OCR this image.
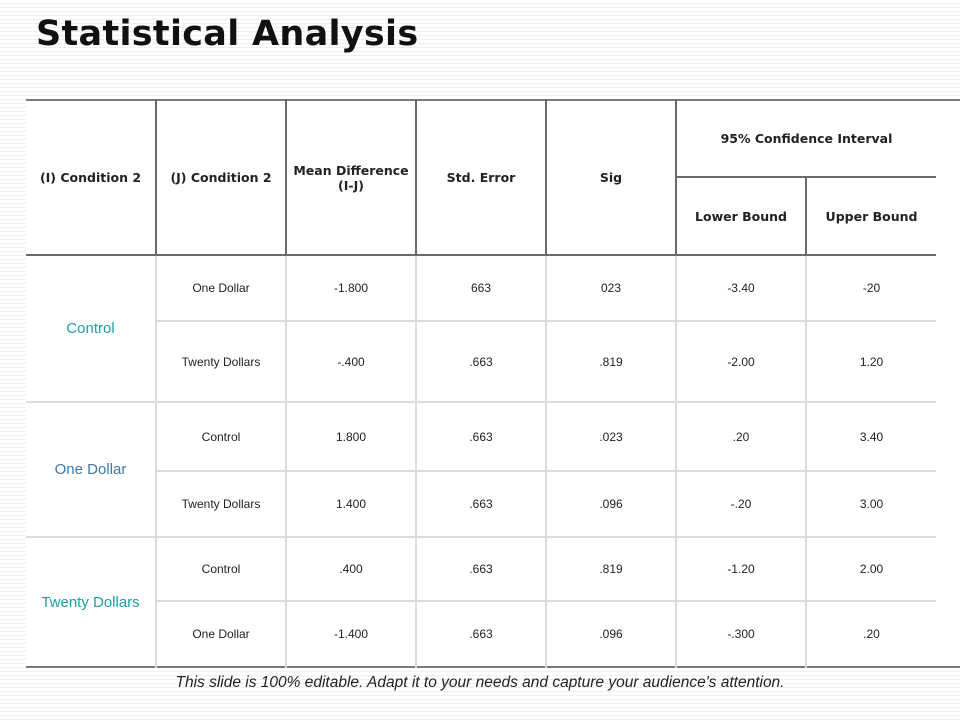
Statistical Analysis
(I) Condition 2	(J) Condition 2	Mean Difference (I-J)	Std. Error	Sig	95% Confidence Interval	
					Lower Bound	Upper Bound
Control	One Dollar	-1.800	663	023	-3.40	-20
	Twenty Dollars	-.400	.663	.819	-2.00	1.20
One Dollar	Control	1.800	.663	.023	.20	3.40
	Twenty Dollars	1.400	.663	.096	-.20	3.00
Twenty Dollars	Control	.400	.663	.819	-1.20	2.00
	One Dollar	-1.400	.663	.096	-.300	.20
This slide is 100% editable. Adapt it to your needs and capture your audience's attention.
